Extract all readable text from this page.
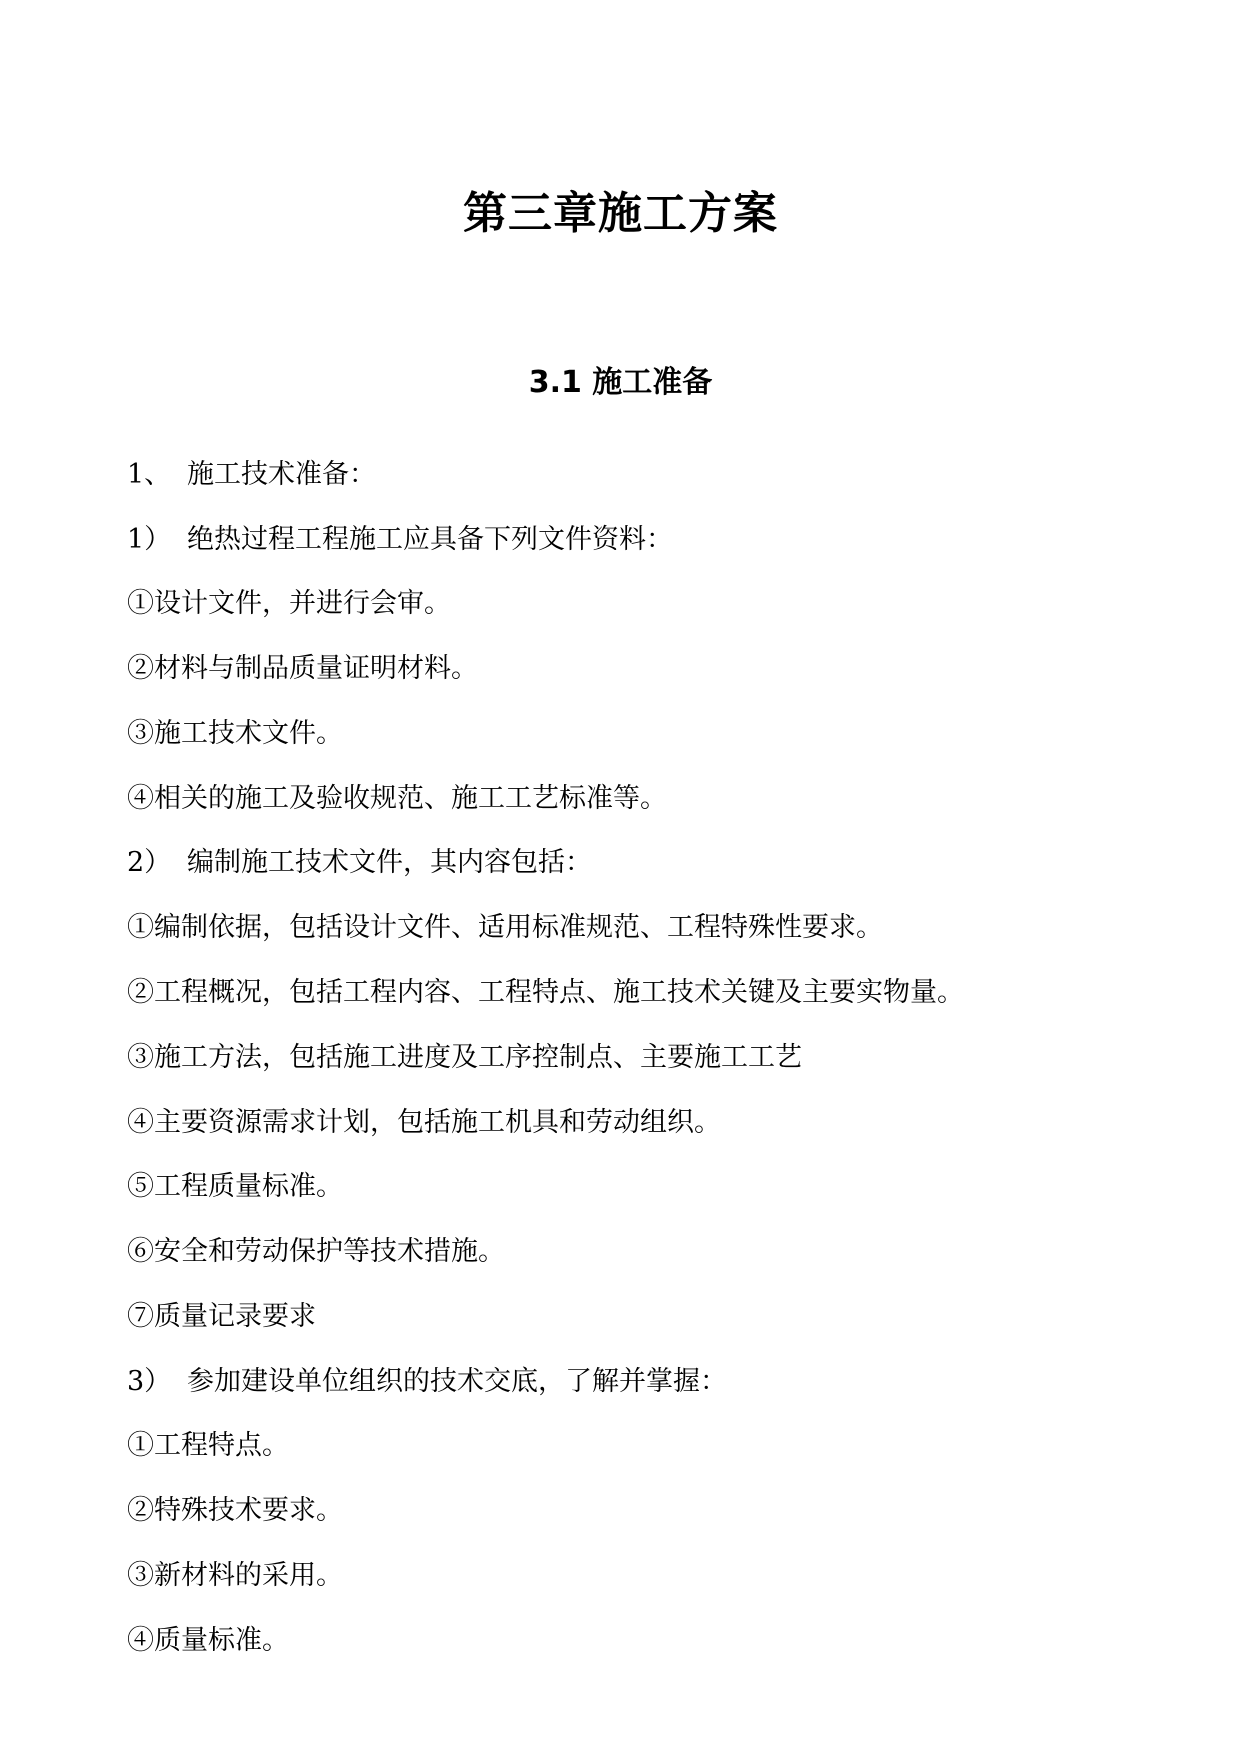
第三章施工方案
3.1 施工准备

1、 施工技术准备：

1） 绝热过程工程施工应具备下列文件资料：

①设计文件，并进行会审。

②材料与制品质量证明材料。

③施工技术文件。

④相关的施工及验收规范、施工工艺标准等。

2） 编制施工技术文件，其内容包括：

①编制依据，包括设计文件、适用标准规范、工程特殊性要求。

②工程概况，包括工程内容、工程特点、施工技术关键及主要实物量。

③施工方法，包括施工进度及工序控制点、主要施工工艺

④主要资源需求计划，包括施工机具和劳动组织。

⑤工程质量标准。

⑥安全和劳动保护等技术措施。

⑦质量记录要求

3） 参加建设单位组织的技术交底，了解并掌握：

①工程特点。

②特殊技术要求。

③新材料的采用。

④质量标准。
